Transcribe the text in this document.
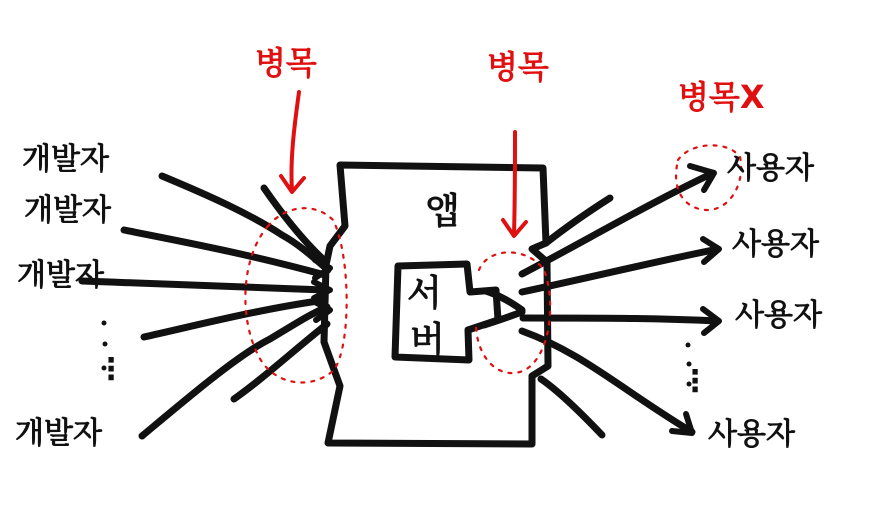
앱
서
버
개발자
개발자
개발자
개발자
사용자
사용자
사용자
사용자
병목	병목
병목X
⋮	⋮
